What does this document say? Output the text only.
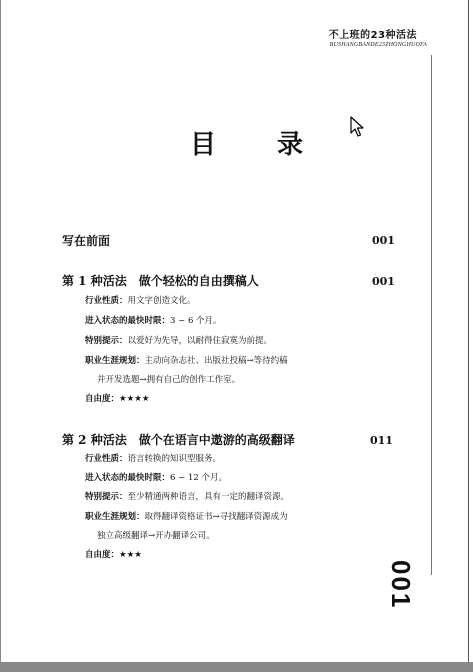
不上班的23种活法
BUSHANGBANDE23ZHONGHUOFA
目 录
写在前面	001
第 1 种活法　做个轻松的自由撰稿人	001
行业性质：用文字创造文化。
进入状态的最快时限：3 ~ 6 个月。
特别提示：以爱好为先导，以耐得住寂寞为前提。
职业生涯规划：主动向杂志社、出版社投稿→等待约稿
并开发选题→拥有自己的创作工作室。
自由度：★★★★
第 2 种活法　做个在语言中遨游的高级翻译	011
行业性质：语言转换的知识型服务。
进入状态的最快时限：6 ~ 12 个月。
特别提示：至少精通两种语言，具有一定的翻译资源。
职业生涯规划：取得翻译资格证书→寻找翻译资源成为
独立高级翻译→开办翻译公司。
自由度：★★★
001
